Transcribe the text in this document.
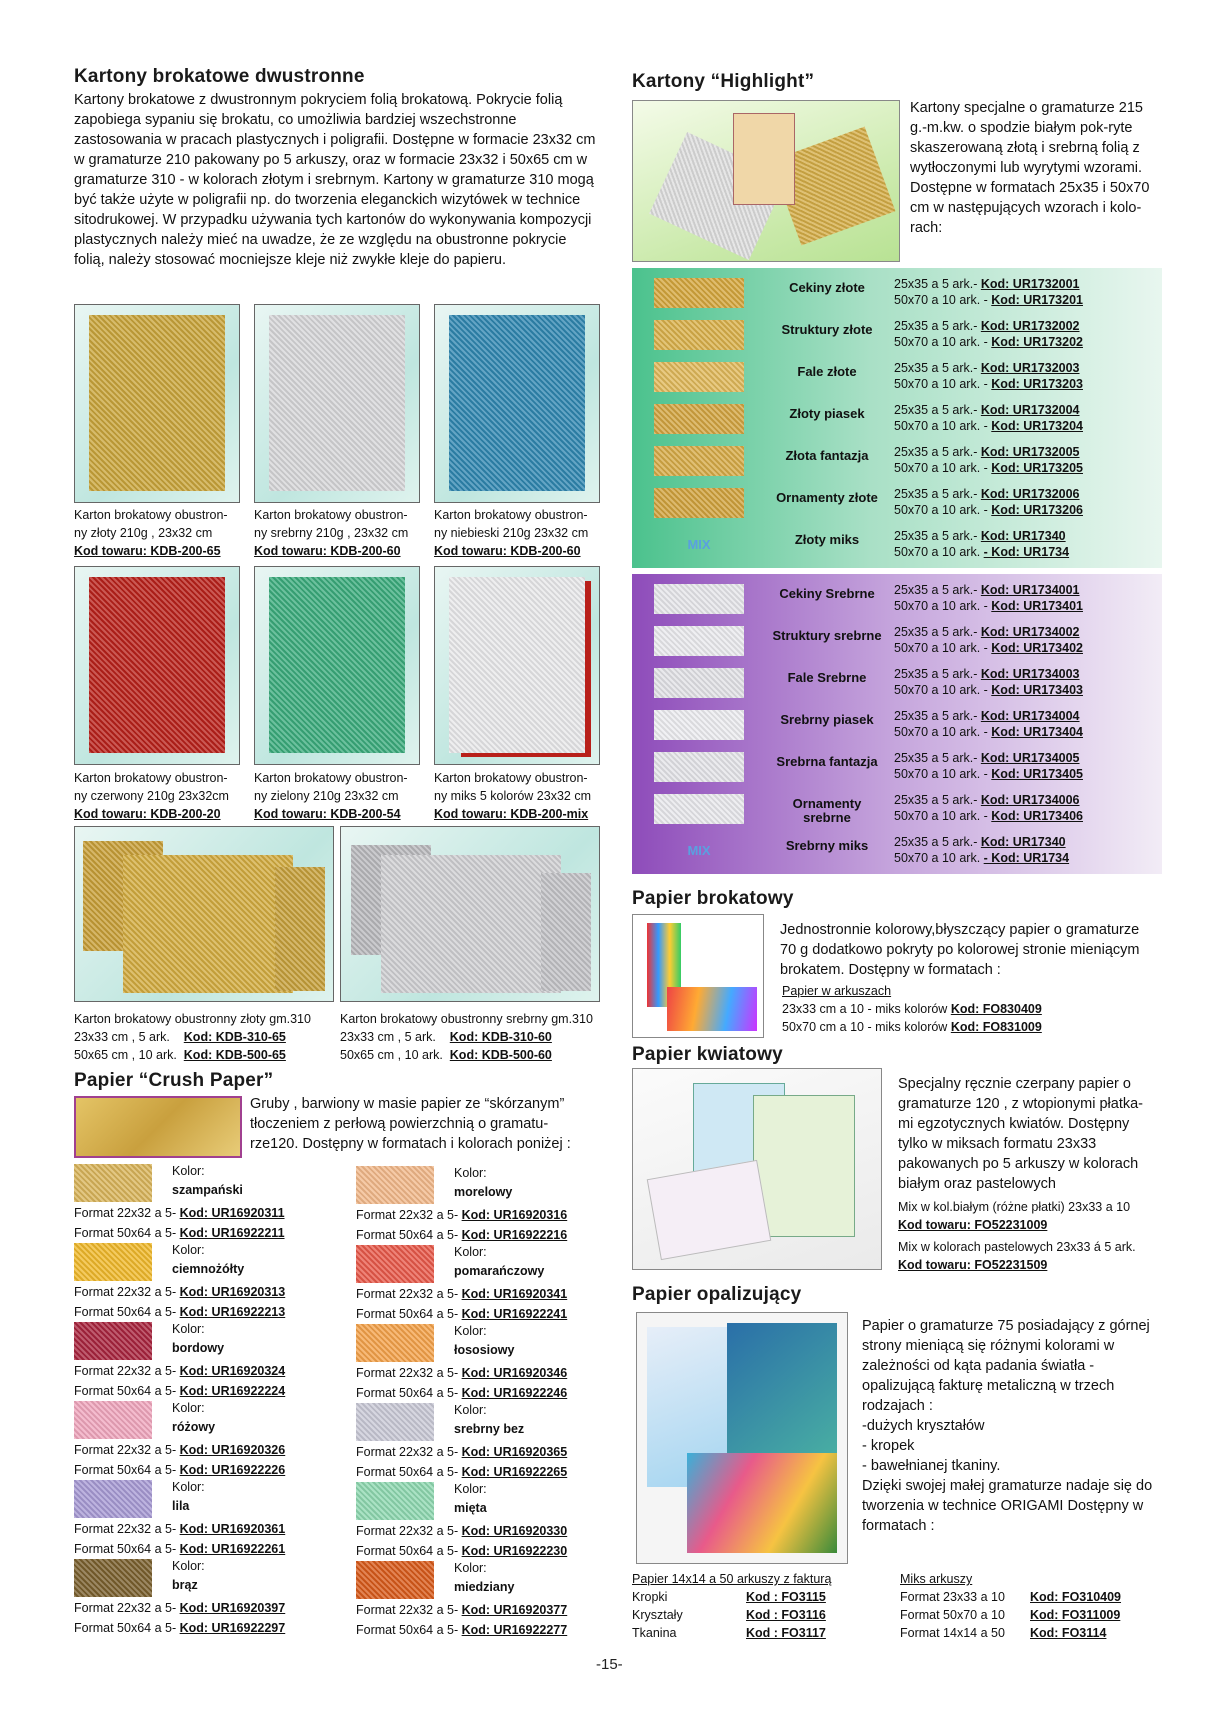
Kartony brokatowe dwustronne
Kartony brokatowe z dwustronnym pokryciem folią brokatową. Pokrycie folią zapobiega sypaniu się brokatu, co umożliwia bardziej wszechstronne zastosowania w pracach plastycznych i poligrafii. Dostępne w formacie 23x32 cm w gramaturze 210 pakowany po 5 arkuszy, oraz w formacie 23x32 i 50x65 cm w gramaturze 310 - w kolorach złotym i srebrnym. Kartony w gramaturze 310 mogą być także użyte w poligrafii np. do tworzenia eleganckich wizytówek w technice sitodrukowej. W przypadku używania tych kartonów do wykonywania kompozycji plastycznych należy mieć na uwadze, że ze względu na obustronne pokrycie folią, należy stosować mocniejsze kleje niż zwykłe kleje do papieru.
Karton brokatowy obustron-
ny złoty 210g , 23x32 cm
Kod towaru: KDB-200-65
Karton brokatowy obustron-
ny srebrny 210g , 23x32 cm
Kod towaru: KDB-200-60
Karton brokatowy obustron-
ny niebieski 210g 23x32 cm
Kod towaru: KDB-200-60
Karton brokatowy obustron-
ny czerwony 210g 23x32cm
Kod towaru: KDB-200-20
Karton brokatowy obustron-
ny zielony 210g 23x32 cm
Kod towaru: KDB-200-54
Karton brokatowy obustron-
ny miks 5 kolorów 23x32 cm
Kod towaru: KDB-200-mix
Karton brokatowy obustronny złoty gm.310
23x33 cm , 5 ark. Kod: KDB-310-65
50x65 cm , 10 ark. Kod: KDB-500-65
Karton brokatowy obustronny srebrny gm.310
23x33 cm , 5 ark. Kod: KDB-310-60
50x65 cm , 10 ark. Kod: KDB-500-60
Papier “Crush Paper”
Gruby , barwiony w masie papier ze “skórzanym” tłoczeniem z perłową powierzchnią o gramatu-rze120. Dostępny w formatach i kolorach poniżej :
Kolor:
szampański
Format 22x32 a 5- Kod: UR16920311
Format 50x64 a 5- Kod: UR16922211
Kolor:
morelowy
Format 22x32 a 5- Kod: UR16920316
Format 50x64 a 5- Kod: UR16922216
Kolor:
ciemnożółty
Format 22x32 a 5- Kod: UR16920313
Format 50x64 a 5- Kod: UR16922213
Kolor:
pomarańczowy
Format 22x32 a 5- Kod: UR16920341
Format 50x64 a 5- Kod: UR16922241
Kolor:
bordowy
Format 22x32 a 5- Kod: UR16920324
Format 50x64 a 5- Kod: UR16922224
Kolor:
łososiowy
Format 22x32 a 5- Kod: UR16920346
Format 50x64 a 5- Kod: UR16922246
Kolor:
różowy
Format 22x32 a 5- Kod: UR16920326
Format 50x64 a 5- Kod: UR16922226
Kolor:
srebrny bez
Format 22x32 a 5- Kod: UR16920365
Format 50x64 a 5- Kod: UR16922265
Kolor:
lila
Format 22x32 a 5- Kod: UR16920361
Format 50x64 a 5- Kod: UR16922261
Kolor:
mięta
Format 22x32 a 5- Kod: UR16920330
Format 50x64 a 5- Kod: UR16922230
Kolor:
brąz
Format 22x32 a 5- Kod: UR16920397
Format 50x64 a 5- Kod: UR16922297
Kolor:
miedziany
Format 22x32 a 5- Kod: UR16920377
Format 50x64 a 5- Kod: UR16922277
Kartony “Highlight”
Kartony specjalne o gramaturze 215 g.-m.kw. o spodzie białym pok-ryte skaszerowaną złotą i srebrną folią z wytłoczonymi lub wyrytymi wzorami. Dostępne w formatach 25x35 i 50x70 cm w następujących wzorach i kolo-rach:
Cekiny złote	25x35 a 5 ark.- Kod: UR1732001
50x70 a 10 ark. - Kod: UR173201
Struktury złote	25x35 a 5 ark.- Kod: UR1732002
50x70 a 10 ark. - Kod: UR173202
Fale złote	25x35 a 5 ark.- Kod: UR1732003
50x70 a 10 ark. - Kod: UR173203
Złoty piasek	25x35 a 5 ark.- Kod: UR1732004
50x70 a 10 ark. - Kod: UR173204
Złota fantazja	25x35 a 5 ark.- Kod: UR1732005
50x70 a 10 ark. - Kod: UR173205
Ornamenty złote	25x35 a 5 ark.- Kod: UR1732006
50x70 a 10 ark. - Kod: UR173206
MIX	Złoty miks	25x35 a 5 ark.- Kod: UR17340
50x70 a 10 ark. - Kod: UR1734
Cekiny Srebrne	25x35 a 5 ark.- Kod: UR1734001
50x70 a 10 ark. - Kod: UR173401
Struktury srebrne 25x35 a 5 ark.- Kod: UR1734002
50x70 a 10 ark. - Kod: UR173402
Fale Srebrne	25x35 a 5 ark.- Kod: UR1734003
50x70 a 10 ark. - Kod: UR173403
Srebrny piasek	25x35 a 5 ark.- Kod: UR1734004
50x70 a 10 ark. - Kod: UR173404
Srebrna fantazja	25x35 a 5 ark.- Kod: UR1734005
50x70 a 10 ark. - Kod: UR173405
Ornamenty srebrne
25x35 a 5 ark.- Kod: UR1734006
50x70 a 10 ark. - Kod: UR173406
MIX	Srebrny miks	25x35 a 5 ark.- Kod: UR17340
50x70 a 10 ark. - Kod: UR1734
Papier brokatowy
Jednostronnie kolorowy,błyszczący papier o gramaturze 70 g dodatkowo pokryty po kolorowej stronie mieniącym brokatem. Dostępny w formatach :
Papier w arkuszach
23x33 cm a 10 - miks kolorów Kod: FO830409
50x70 cm a 10 - miks kolorów Kod: FO831009
Papier kwiatowy
Specjalny ręcznie czerpany papier o gramaturze 120 , z wtopionymi płatka-mi egzotycznych kwiatów. Dostępny tylko w miksach formatu 23x33 pakowanych po 5 arkuszy w kolorach białym oraz pastelowych
Mix w kol.białym (różne płatki) 23x33 a 10
Kod towaru: FO52231009
Mix w kolorach pastelowych 23x33 á 5 ark.
Kod towaru: FO52231509
Papier opalizujący
Papier o gramaturze 75 posiadający z górnej strony mieniącą się różnymi kolorami w zależności od kąta padania światła - opalizującą fakturę metaliczną w trzech rodzajach :
-dużych kryształów
- kropek
- bawełnianej tkaniny.
Dzięki swojej małej gramaturze nadaje się do tworzenia w technice ORIGAMI Dostępny w formatach :
Papier 14x14 a 50 arkuszy z fakturą
Kropki	Kod : FO3115
Kryształy	Kod : FO3116
Tkanina	Kod : FO3117
Miks arkuszy
Format 23x33 a 10 Kod: FO310409
Format 50x70 a 10 Kod: FO311009
Format 14x14 a 50 Kod: FO3114
-15-
